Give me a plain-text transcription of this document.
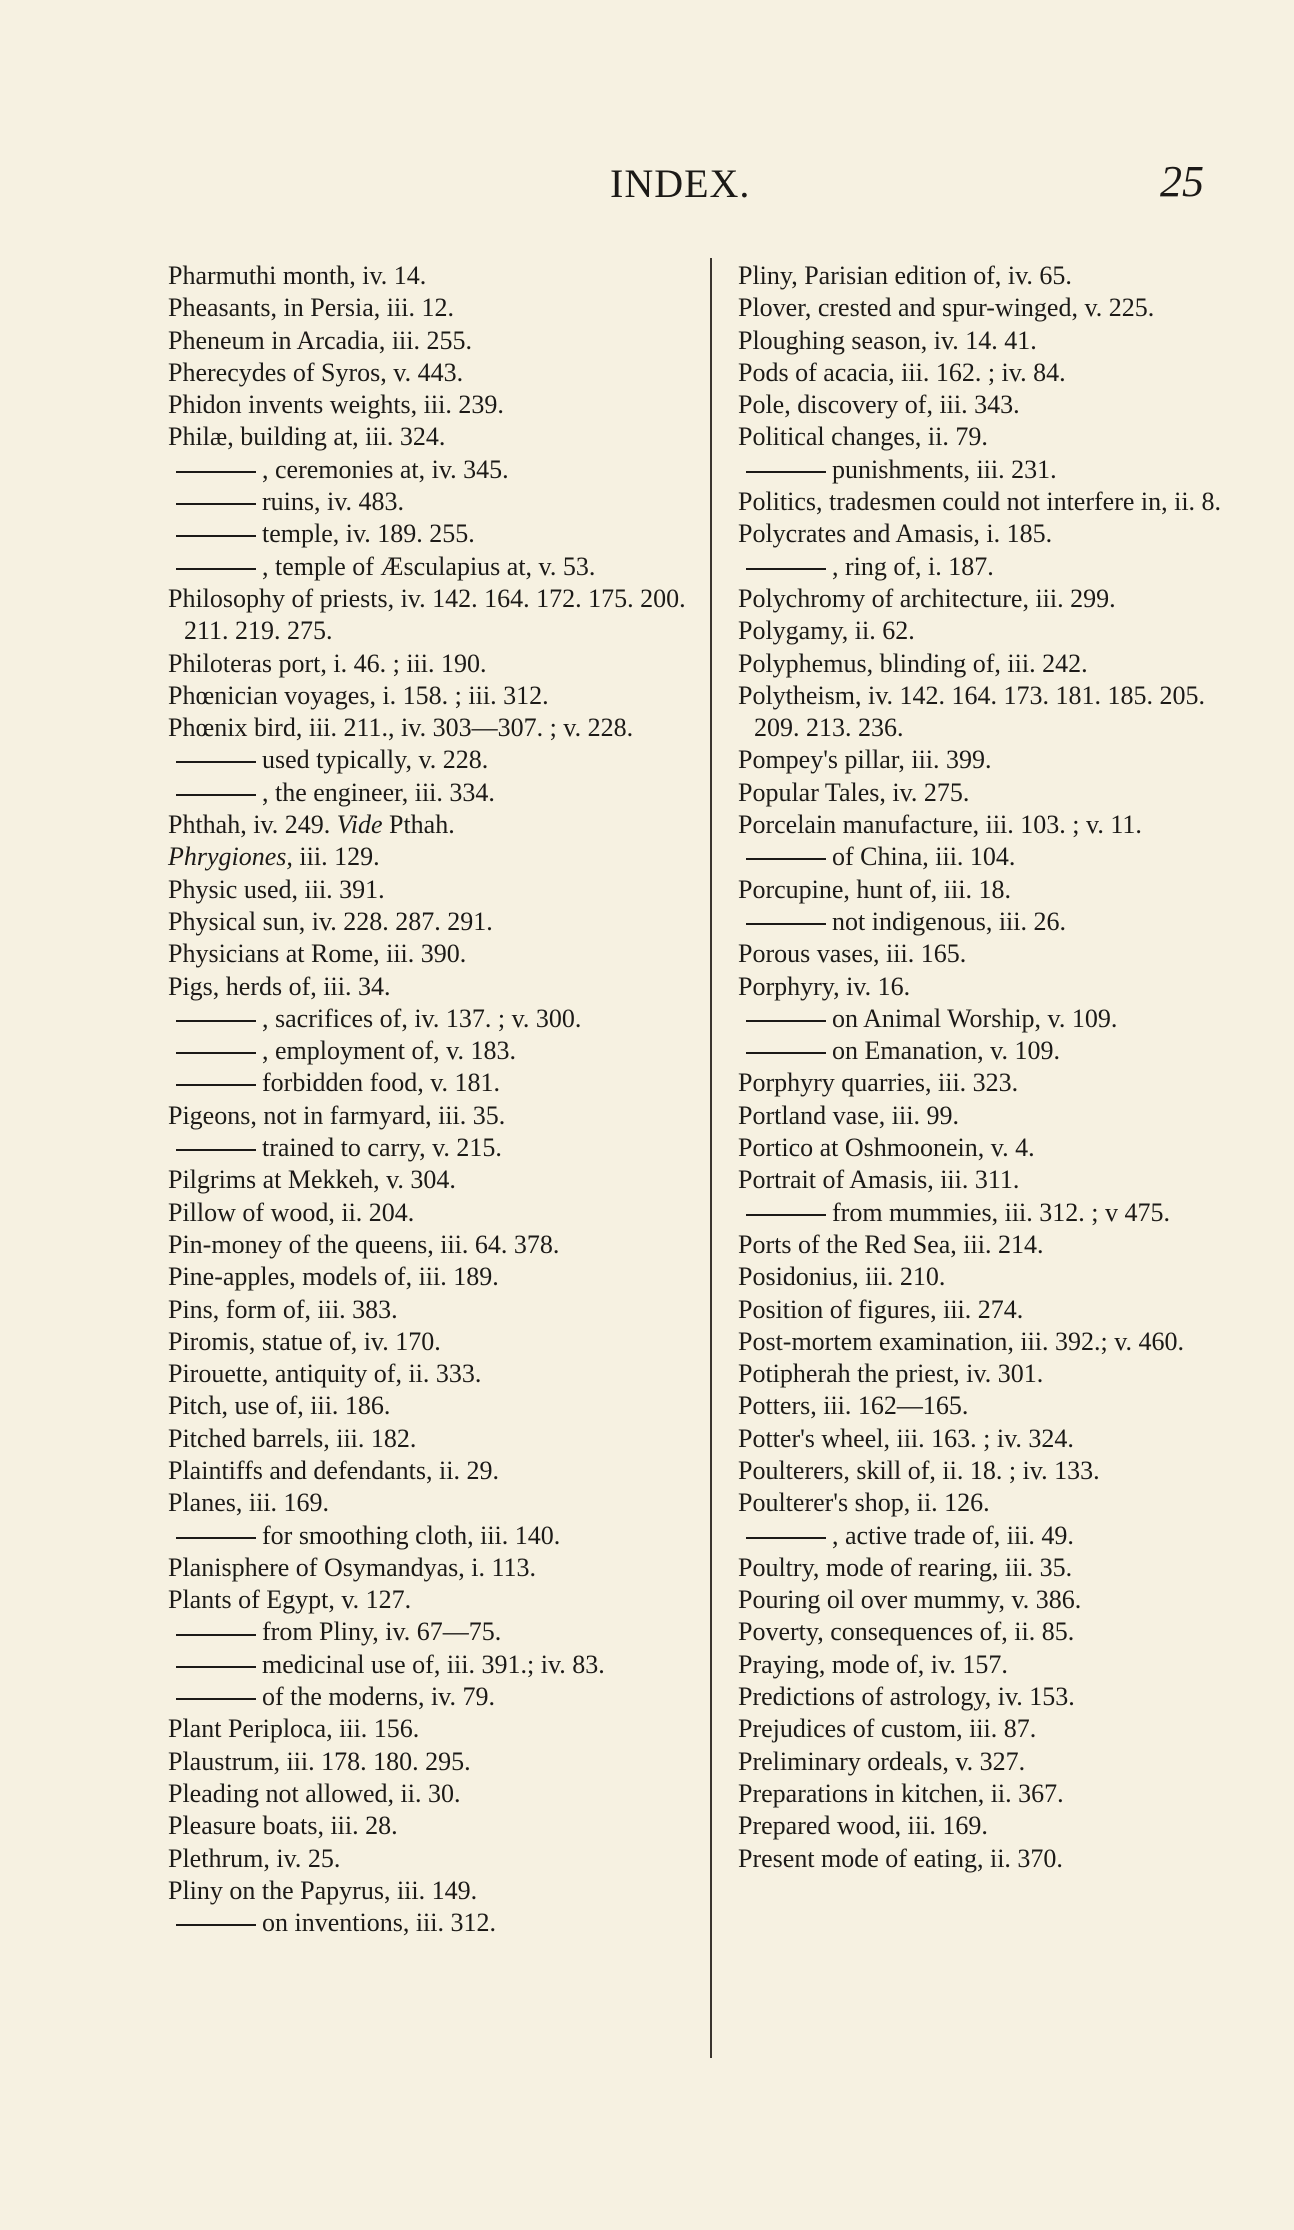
INDEX.	25
Pharmuthi month, iv. 14.
Pheasants, in Persia, iii. 12.
Pheneum in Arcadia, iii. 255.
Pherecydes of Syros, v. 443.
Phidon invents weights, iii. 239.
Philæ, building at, iii. 324.
, ceremonies at, iv. 345.
ruins, iv. 483.
temple, iv. 189. 255.
, temple of Æsculapius at, v. 53.
Philosophy of priests, iv. 142. 164. 172. 175. 200. 211. 219. 275.
Philoteras port, i. 46. ; iii. 190.
Phœnician voyages, i. 158. ; iii. 312.
Phœnix bird, iii. 211., iv. 303—307. ; v. 228.
used typically, v. 228.
, the engineer, iii. 334.
Phthah, iv. 249. Vide Pthah.
Phrygiones, iii. 129.
Physic used, iii. 391.
Physical sun, iv. 228. 287. 291.
Physicians at Rome, iii. 390.
Pigs, herds of, iii. 34.
, sacrifices of, iv. 137. ; v. 300.
, employment of, v. 183.
forbidden food, v. 181.
Pigeons, not in farmyard, iii. 35.
trained to carry, v. 215.
Pilgrims at Mekkeh, v. 304.
Pillow of wood, ii. 204.
Pin-money of the queens, iii. 64. 378.
Pine-apples, models of, iii. 189.
Pins, form of, iii. 383.
Piromis, statue of, iv. 170.
Pirouette, antiquity of, ii. 333.
Pitch, use of, iii. 186.
Pitched barrels, iii. 182.
Plaintiffs and defendants, ii. 29.
Planes, iii. 169.
for smoothing cloth, iii. 140.
Planisphere of Osymandyas, i. 113.
Plants of Egypt, v. 127.
from Pliny, iv. 67—75.
medicinal use of, iii. 391.; iv. 83.
of the moderns, iv. 79.
Plant Periploca, iii. 156.
Plaustrum, iii. 178. 180. 295.
Pleading not allowed, ii. 30.
Pleasure boats, iii. 28.
Plethrum, iv. 25.
Pliny on the Papyrus, iii. 149.
on inventions, iii. 312.
Pliny, Parisian edition of, iv. 65.
Plover, crested and spur-winged, v. 225.
Ploughing season, iv. 14. 41.
Pods of acacia, iii. 162. ; iv. 84.
Pole, discovery of, iii. 343.
Political changes, ii. 79.
punishments, iii. 231.
Politics, tradesmen could not interfere in, ii. 8.
Polycrates and Amasis, i. 185.
, ring of, i. 187.
Polychromy of architecture, iii. 299.
Polygamy, ii. 62.
Polyphemus, blinding of, iii. 242.
Polytheism, iv. 142. 164. 173. 181. 185. 205. 209. 213. 236.
Pompey's pillar, iii. 399.
Popular Tales, iv. 275.
Porcelain manufacture, iii. 103. ; v. 11.
of China, iii. 104.
Porcupine, hunt of, iii. 18.
not indigenous, iii. 26.
Porous vases, iii. 165.
Porphyry, iv. 16.
on Animal Worship, v. 109.
on Emanation, v. 109.
Porphyry quarries, iii. 323.
Portland vase, iii. 99.
Portico at Oshmoonein, v. 4.
Portrait of Amasis, iii. 311.
from mummies, iii. 312. ; v 475.
Ports of the Red Sea, iii. 214.
Posidonius, iii. 210.
Position of figures, iii. 274.
Post-mortem examination, iii. 392.; v. 460.
Potipherah the priest, iv. 301.
Potters, iii. 162—165.
Potter's wheel, iii. 163. ; iv. 324.
Poulterers, skill of, ii. 18. ; iv. 133.
Poulterer's shop, ii. 126.
, active trade of, iii. 49.
Poultry, mode of rearing, iii. 35.
Pouring oil over mummy, v. 386.
Poverty, consequences of, ii. 85.
Praying, mode of, iv. 157.
Predictions of astrology, iv. 153.
Prejudices of custom, iii. 87.
Preliminary ordeals, v. 327.
Preparations in kitchen, ii. 367.
Prepared wood, iii. 169.
Present mode of eating, ii. 370.
